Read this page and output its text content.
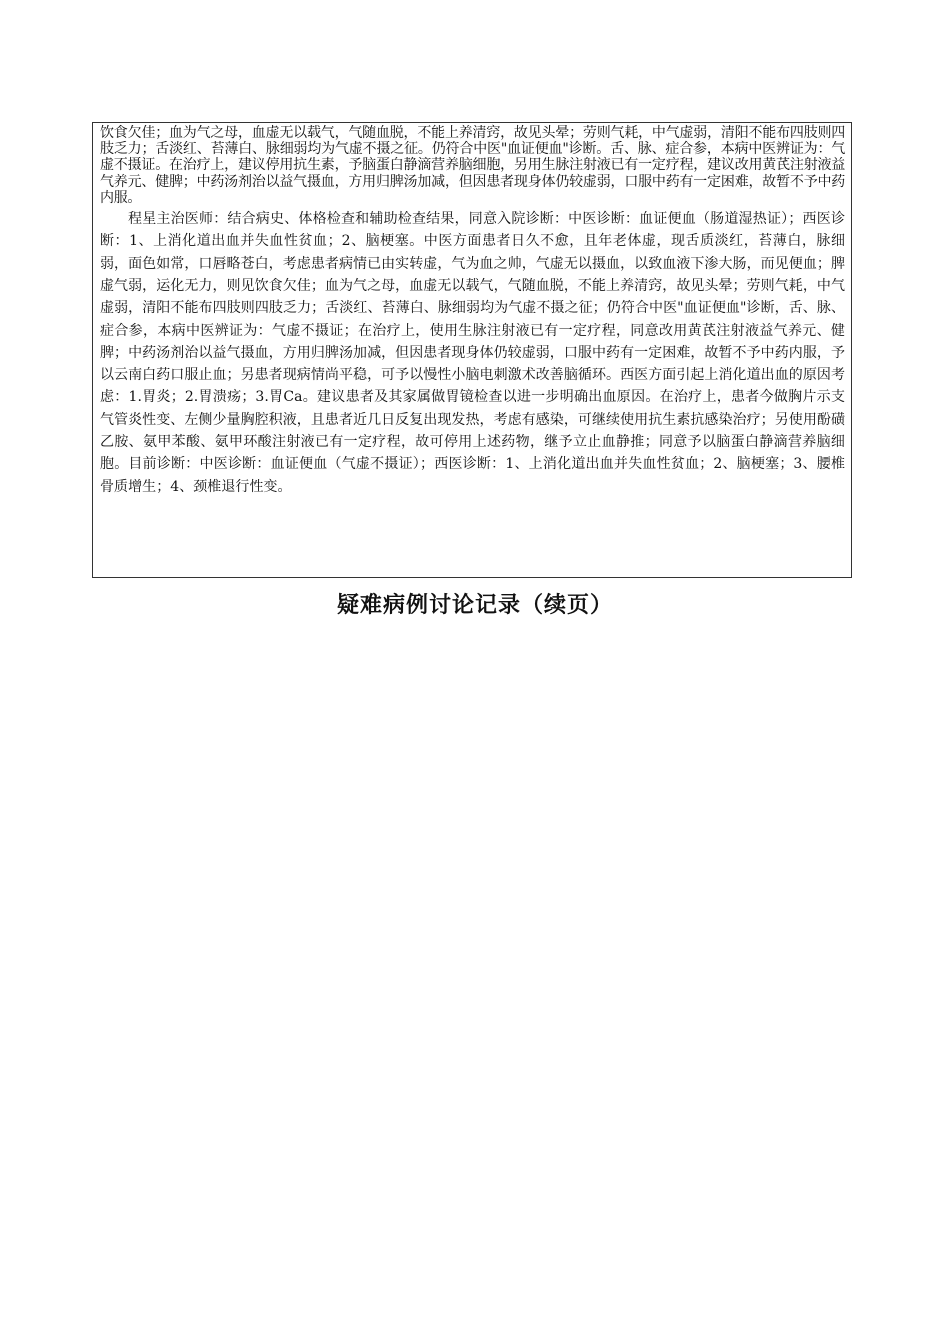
饮食欠佳；血为气之母，血虚无以载气，气随血脱，不能上养清窍，故见头晕；劳则气耗，中气虚弱，清阳不能布四肢则四肢乏力；舌淡红、苔薄白、脉细弱均为气虚不摄之征。仍符合中医"血证便血"诊断。舌、脉、症合参，本病中医辨证为：气虚不摄证。在治疗上，建议停用抗生素，予脑蛋白静滴营养脑细胞，另用生脉注射液已有一定疗程，建议改用黄芪注射液益气养元、健脾；中药汤剂治以益气摄血，方用归脾汤加减，但因患者现身体仍较虚弱，口服中药有一定困难，故暂不予中药内服。

程星主治医师：结合病史、体格检查和辅助检查结果，同意入院诊断：中医诊断：血证便血（肠道湿热证）；西医诊断：1、上消化道出血并失血性贫血；2、脑梗塞。中医方面患者日久不愈，且年老体虚，现舌质淡红，苔薄白，脉细弱，面色如常，口唇略苍白，考虑患者病情已由实转虚，气为血之帅，气虚无以摄血，以致血液下渗大肠，而见便血；脾虚气弱，运化无力，则见饮食欠佳；血为气之母，血虚无以载气，气随血脱，不能上养清窍，故见头晕；劳则气耗，中气虚弱，清阳不能布四肢则四肢乏力；舌淡红、苔薄白、脉细弱均为气虚不摄之征；仍符合中医"血证便血"诊断，舌、脉、症合参，本病中医辨证为：气虚不摄证；在治疗上，使用生脉注射液已有一定疗程，同意改用黄芪注射液益气养元、健脾；中药汤剂治以益气摄血，方用归脾汤加减，但因患者现身体仍较虚弱，口服中药有一定困难，故暂不予中药内服，予以云南白药口服止血；另患者现病情尚平稳，可予以慢性小脑电刺激术改善脑循环。西医方面引起上消化道出血的原因考虑：1.胃炎；2.胃溃疡；3.胃Ca。建议患者及其家属做胃镜检查以进一步明确出血原因。在治疗上，患者今做胸片示支气管炎性变、左侧少量胸腔积液，且患者近几日反复出现发热，考虑有感染，可继续使用抗生素抗感染治疗；另使用酚磺乙胺、氨甲苯酸、氨甲环酸注射液已有一定疗程，故可停用上述药物，继予立止血静推；同意予以脑蛋白静滴营养脑细胞。目前诊断：中医诊断：血证便血（气虚不摄证）；西医诊断：1、上消化道出血并失血性贫血；2、脑梗塞；3、腰椎骨质增生；4、颈椎退行性变。

疑难病例讨论记录（续页）
